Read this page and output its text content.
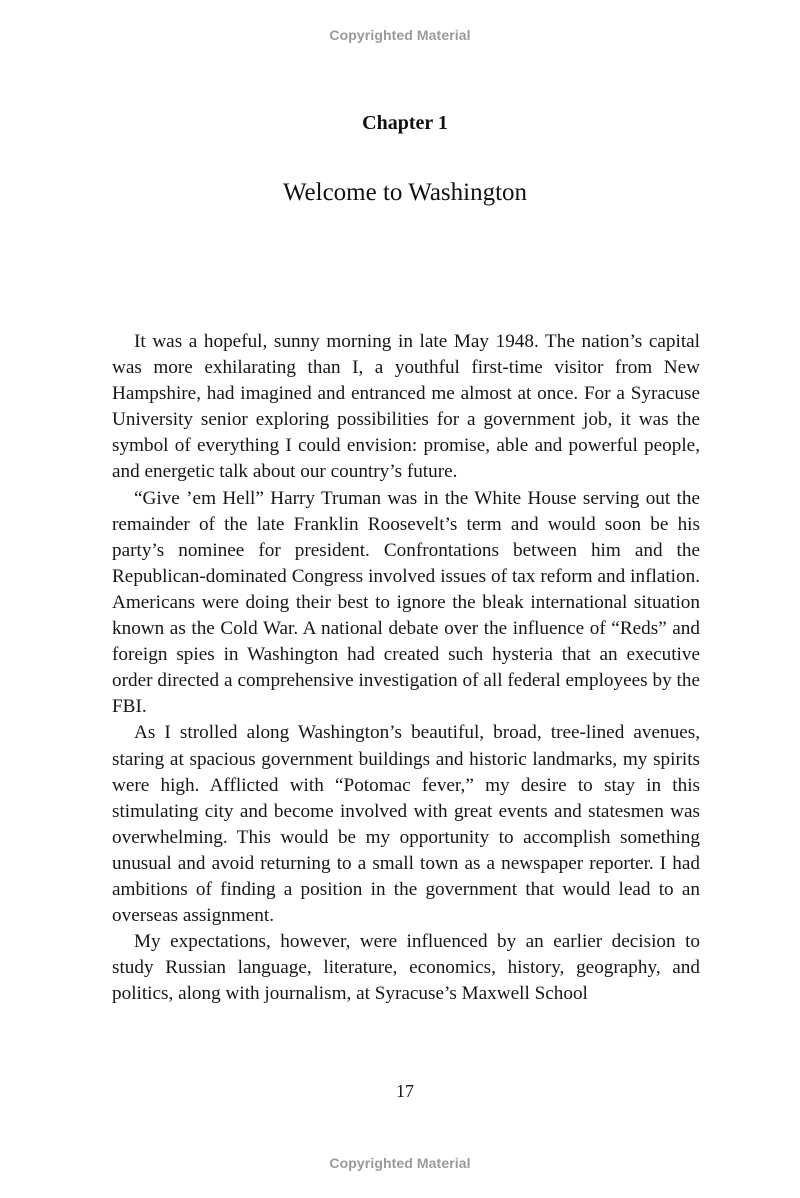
Copyrighted Material
Chapter 1
Welcome to Washington

It was a hopeful, sunny morning in late May 1948. The nation’s capital was more exhilarating than I, a youthful first-time visitor from New Hampshire, had imagined and entranced me almost at once. For a Syracuse University senior exploring possibilities for a government job, it was the symbol of everything I could envision: promise, able and powerful people, and energetic talk about our country’s future.

“Give ’em Hell” Harry Truman was in the White House serving out the remainder of the late Franklin Roosevelt’s term and would soon be his party’s nominee for president. Confrontations between him and the Republican-dominated Congress involved issues of tax reform and inflation. Americans were doing their best to ignore the bleak international situation known as the Cold War. A national debate over the influence of “Reds” and foreign spies in Washington had created such hysteria that an executive order directed a comprehensive investigation of all federal employees by the FBI.

As I strolled along Washington’s beautiful, broad, tree-lined avenues, staring at spacious government buildings and historic landmarks, my spirits were high. Afflicted with “Potomac fever,” my desire to stay in this stimulating city and become involved with great events and statesmen was overwhelming. This would be my opportunity to accomplish something unusual and avoid returning to a small town as a newspaper reporter. I had ambitions of finding a position in the government that would lead to an overseas assignment.

My expectations, however, were influenced by an earlier decision to study Russian language, literature, economics, history, geography, and politics, along with journalism, at Syracuse’s Maxwell School

17
Copyrighted Material
